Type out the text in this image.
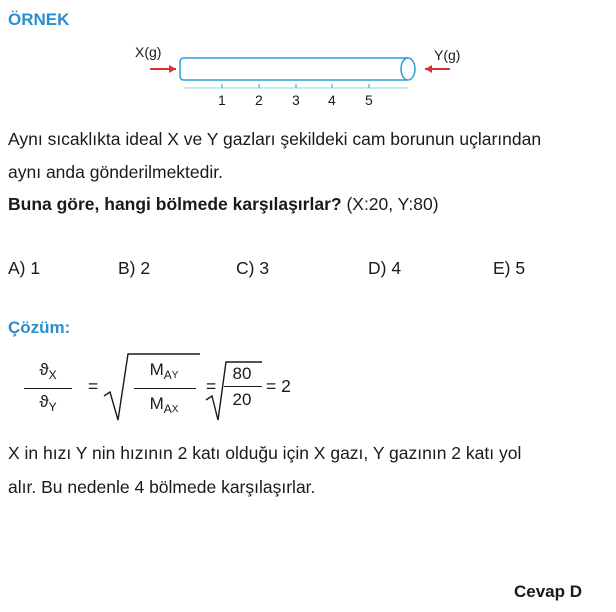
ÖRNEK
X(g)	Y(g)
1 2 3 4 5
Aynı sıcaklıkta ideal X ve Y gazları şekildeki cam borunun uçlarından
aynı anda gönderilmektedir.
Buna göre, hangi bölmede karşılaşırlar? (X:20, Y:80)
A) 1	B) 2	C) 3	D) 4	E) 5
Çözüm:
$ϑ_X$
$ϑ_Y$
=
$M_AY$
$M_AX$
=
80
20
= 2
X in hızı Y nin hızının 2 katı olduğu için X gazı, Y gazının 2 katı yol
alır. Bu nedenle 4 bölmede karşılaşırlar.
Cevap D
